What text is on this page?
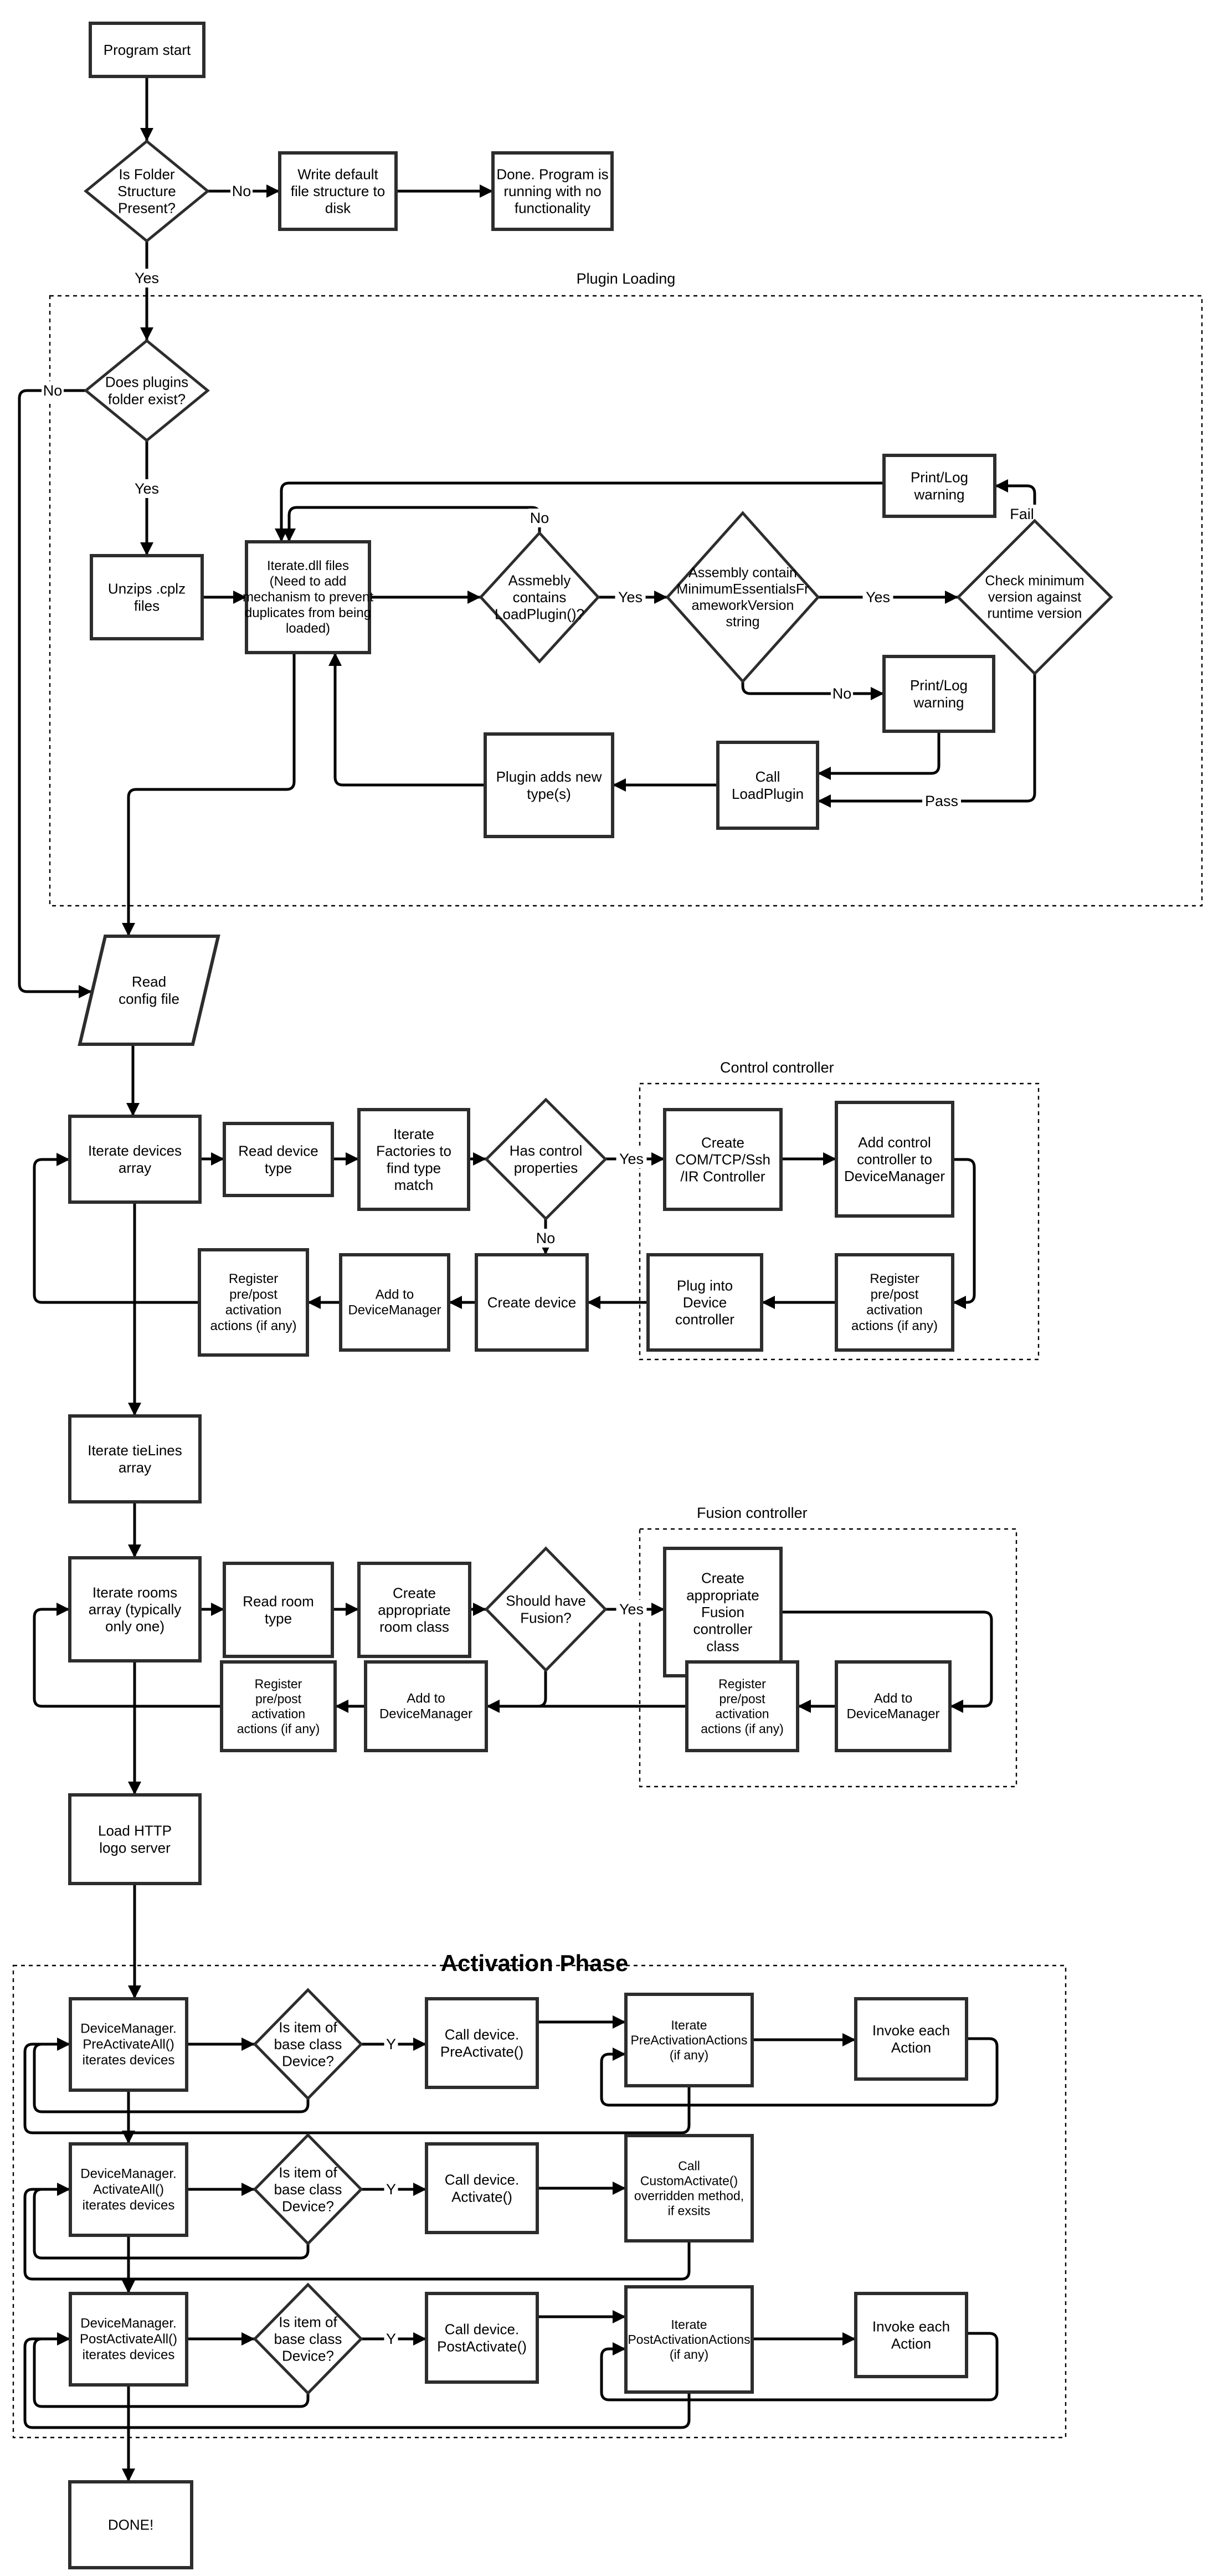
Plugin Loading
Control controller
Fusion controller
Activation Phase
No
Yes
Yes
No
Yes
No
Yes
No
Fail
Pass
Yes
No
Yes
Y
Y
Y
Program start
Is Folder Structure Present?
Write default file structure to disk
Done. Program is running with no functionality
Does plugins folder exist?
Unzips .cplz files
Iterate.dll files (Need to add mechanism to prevent duplicates from being loaded)
Assmebly contains LoadPlugin()?
Assembly contain MinimumEssentialsFr ameworkVersion string
Check minimum version against runtime version
Print/Log warning
Print/Log warning
Call LoadPlugin
Plugin adds new type(s)
Read config file
Iterate devices array
Read device type
Iterate Factories to find type match
Has control properties
Create COM/TCP/Ssh /IR Controller
Add control controller to DeviceManager
Register pre/post activation actions (if any)
Plug into Device controller
Create device
Add to DeviceManager
Register pre/post activation actions (if any)
Iterate tieLines array
Iterate rooms array (typically only one)
Read room type
Create appropriate room class
Should have Fusion?
Create appropriate Fusion controller class
Register pre/post activation actions (if any)
Add to DeviceManager
Add to DeviceManager
Register pre/post activation actions (if any)
Load HTTP logo server
DeviceManager. PreActivateAll() iterates devices
Is item of base class Device?
Call device. PreActivate()
Iterate PreActivationActions (if any)
Invoke each Action
DeviceManager. ActivateAll() iterates devices
Is item of base class Device?
Call device. Activate()
Call CustomActivate() overridden method, if exsits
DeviceManager. PostActivateAll() iterates devices
Is item of base class Device?
Call device. PostActivate()
Iterate PostActivationActions (if any)
Invoke each Action
DONE!
